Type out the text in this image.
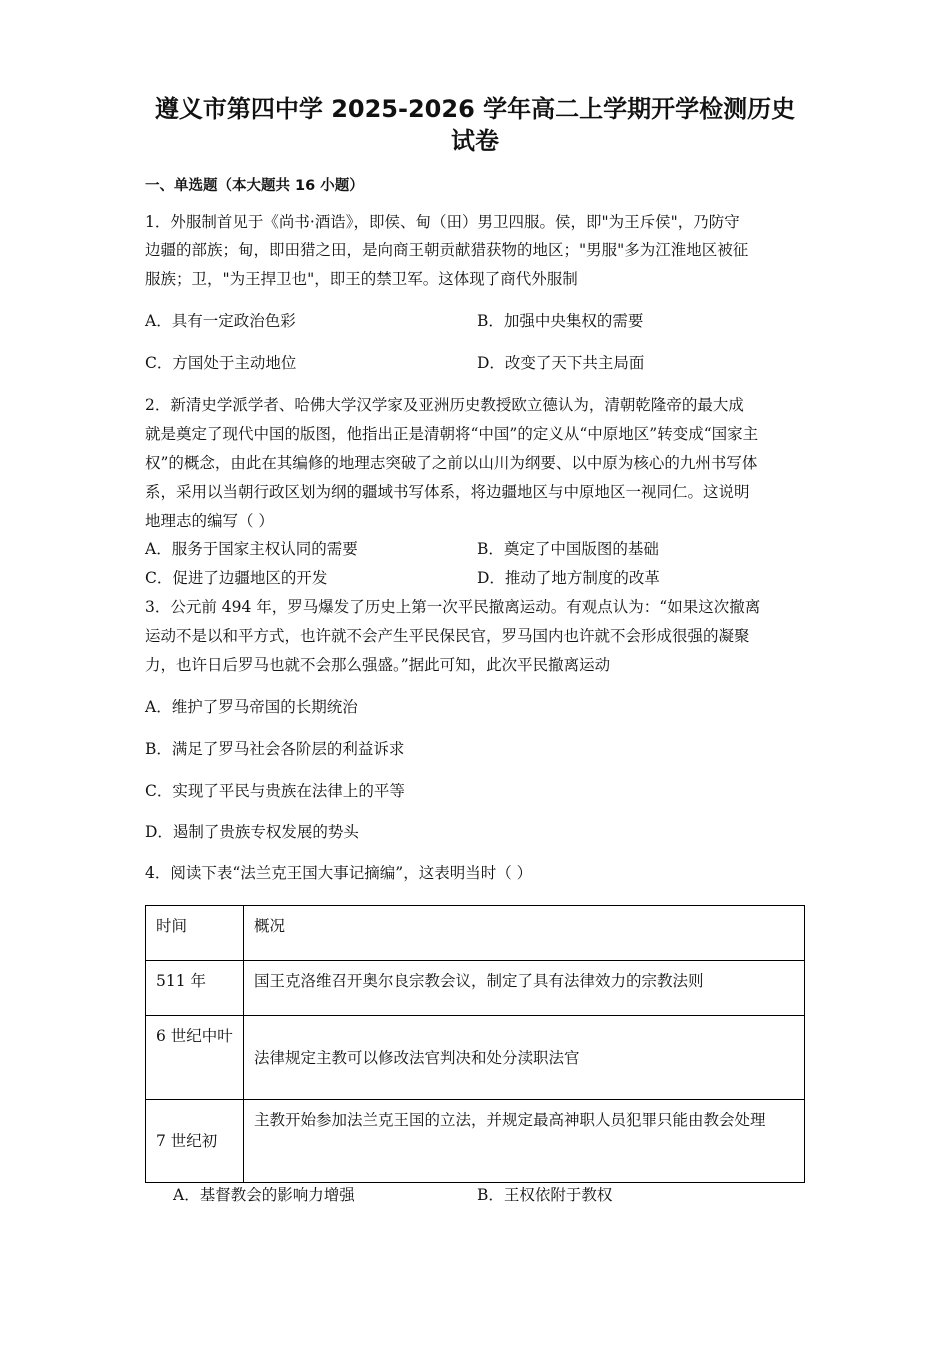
遵义市第四中学 2025-2026 学年高二上学期开学检测历史
试卷
一、单选题（本大题共 16 小题）
1．外服制首见于《尚书·酒诰》，即侯、甸（田）男卫四服。侯，即"为王斥侯"，乃防守
边疆的部族；甸，即田猎之田，是向商王朝贡献猎获物的地区；"男服"多为江淮地区被征
服族；卫，"为王捍卫也"，即王的禁卫军。这体现了商代外服制
A．具有一定政治色彩	B．加强中央集权的需要
C．方国处于主动地位	D．改变了天下共主局面
2．新清史学派学者、哈佛大学汉学家及亚洲历史教授欧立德认为，清朝乾隆帝的最大成
就是奠定了现代中国的版图，他指出正是清朝将“中国”的定义从“中原地区”转变成“国家主
权”的概念，由此在其编修的地理志突破了之前以山川为纲要、以中原为核心的九州书写体
系，采用以当朝行政区划为纲的疆域书写体系，将边疆地区与中原地区一视同仁。这说明
地理志的编写（ ）
A．服务于国家主权认同的需要	B．奠定了中国版图的基础
C．促进了边疆地区的开发	D．推动了地方制度的改革
3．公元前 494 年，罗马爆发了历史上第一次平民撤离运动。有观点认为：“如果这次撤离
运动不是以和平方式，也许就不会产生平民保民官，罗马国内也许就不会形成很强的凝聚
力，也许日后罗马也就不会那么强盛。”据此可知，此次平民撤离运动
A．维护了罗马帝国的长期统治
B．满足了罗马社会各阶层的利益诉求
C．实现了平民与贵族在法律上的平等
D．遏制了贵族专权发展的势头
4．阅读下表“法兰克王国大事记摘编”，这表明当时（ ）
时间	概况

511 年	国王克洛维召开奥尔良宗教会议，制定了具有法律效力的宗教法则

6 世纪中叶	法律规定主教可以修改法官判决和处分渎职法官

7 世纪初	主教开始参加法兰克王国的立法，并规定最高神职人员犯罪只能由教会处理
A．基督教会的影响力增强	B．王权依附于教权
